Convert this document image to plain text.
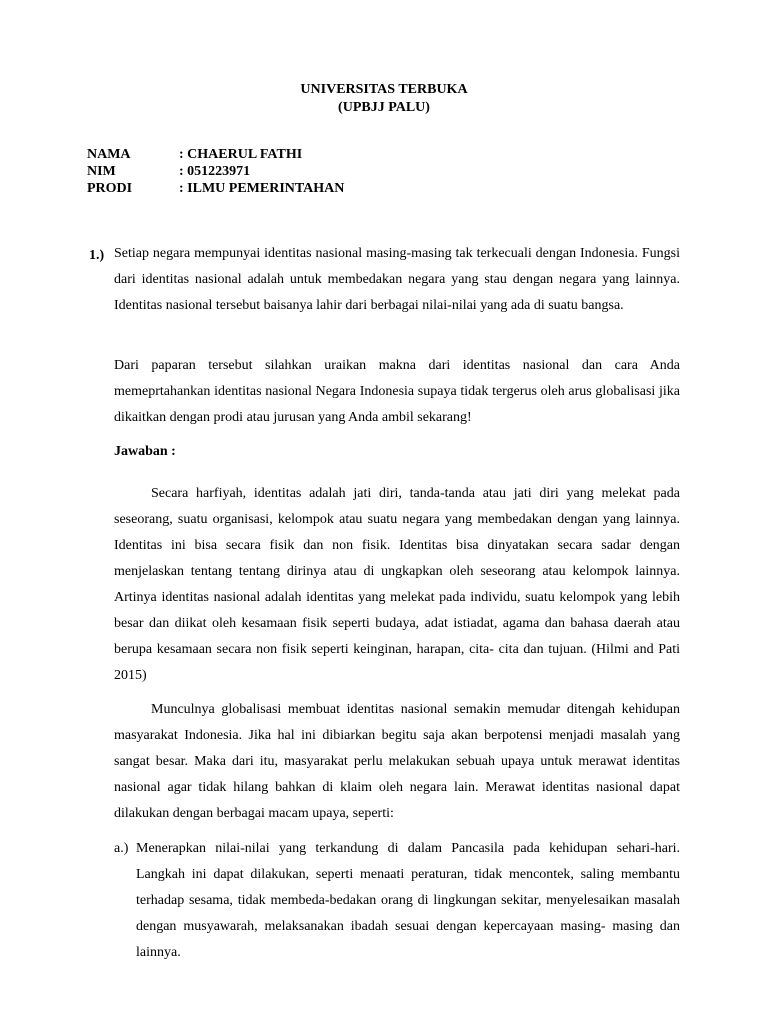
UNIVERSITAS TERBUKA
(UPBJJ PALU)
NAMA	: CHAERUL FATHI
NIM	: 051223971
PRODI	: ILMU PEMERINTAHAN
1.) Setiap negara mempunyai identitas nasional masing-masing tak terkecuali dengan Indonesia. Fungsi dari identitas nasional adalah untuk membedakan negara yang stau dengan negara yang lainnya. Identitas nasional tersebut baisanya lahir dari berbagai nilai-nilai yang ada di suatu bangsa.

Dari paparan tersebut silahkan uraikan makna dari identitas nasional dan cara Anda memeprtahankan identitas nasional Negara Indonesia supaya tidak tergerus oleh arus globalisasi jika dikaitkan dengan prodi atau jurusan yang Anda ambil sekarang!

Jawaban :

Secara harfiyah, identitas adalah jati diri, tanda-tanda atau jati diri yang melekat pada seseorang, suatu organisasi, kelompok atau suatu negara yang membedakan dengan yang lainnya. Identitas ini bisa secara fisik dan non fisik. Identitas bisa dinyatakan secara sadar dengan menjelaskan tentang tentang dirinya atau di ungkapkan oleh seseorang atau kelompok lainnya. Artinya identitas nasional adalah identitas yang melekat pada individu, suatu kelompok yang lebih besar dan diikat oleh kesamaan fisik seperti budaya, adat istiadat, agama dan bahasa daerah atau berupa kesamaan secara non fisik seperti keinginan, harapan, cita- cita dan tujuan. (Hilmi and Pati 2015)

Munculnya globalisasi membuat identitas nasional semakin memudar ditengah kehidupan masyarakat Indonesia. Jika hal ini dibiarkan begitu saja akan berpotensi menjadi masalah yang sangat besar. Maka dari itu, masyarakat perlu melakukan sebuah upaya untuk merawat identitas nasional agar tidak hilang bahkan di klaim oleh negara lain. Merawat identitas nasional dapat dilakukan dengan berbagai macam upaya, seperti:

a.) Menerapkan nilai-nilai yang terkandung di dalam Pancasila pada kehidupan sehari-hari. Langkah ini dapat dilakukan, seperti menaati peraturan, tidak mencontek, saling membantu terhadap sesama, tidak membeda-bedakan orang di lingkungan sekitar, menyelesaikan masalah dengan musyawarah, melaksanakan ibadah sesuai dengan kepercayaan masing- masing dan lainnya.
